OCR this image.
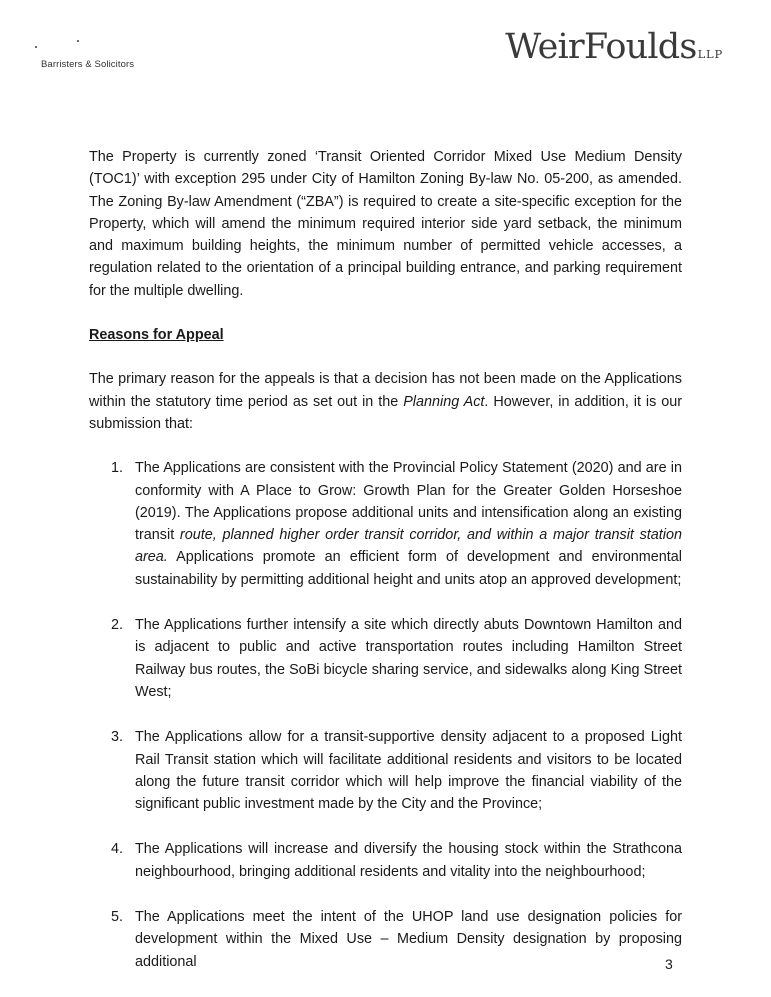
Barristers & Solicitors	WeirFoulds LLP

The Property is currently zoned ‘Transit Oriented Corridor Mixed Use Medium Density (TOC1)’ with exception 295 under City of Hamilton Zoning By-law No. 05-200, as amended. The Zoning By-law Amendment (“ZBA”) is required to create a site-specific exception for the Property, which will amend the minimum required interior side yard setback, the minimum and maximum building heights, the minimum number of permitted vehicle accesses, a regulation related to the orientation of a principal building entrance, and parking requirement for the multiple dwelling.

Reasons for Appeal

The primary reason for the appeals is that a decision has not been made on the Applications within the statutory time period as set out in the Planning Act. However, in addition, it is our submission that:

1. The Applications are consistent with the Provincial Policy Statement (2020) and are in conformity with A Place to Grow: Growth Plan for the Greater Golden Horseshoe (2019). The Applications propose additional units and intensification along an existing transit route, planned higher order transit corridor, and within a major transit station area. Applications promote an efficient form of development and environmental sustainability by permitting additional height and units atop an approved development;
2. The Applications further intensify a site which directly abuts Downtown Hamilton and is adjacent to public and active transportation routes including Hamilton Street Railway bus routes, the SoBi bicycle sharing service, and sidewalks along King Street West;
3. The Applications allow for a transit-supportive density adjacent to a proposed Light Rail Transit station which will facilitate additional residents and visitors to be located along the future transit corridor which will help improve the financial viability of the significant public investment made by the City and the Province;
4. The Applications will increase and diversify the housing stock within the Strathcona neighbourhood, bringing additional residents and vitality into the neighbourhood;
5. The Applications meet the intent of the UHOP land use designation policies for development within the Mixed Use – Medium Density designation by proposing additional	3
